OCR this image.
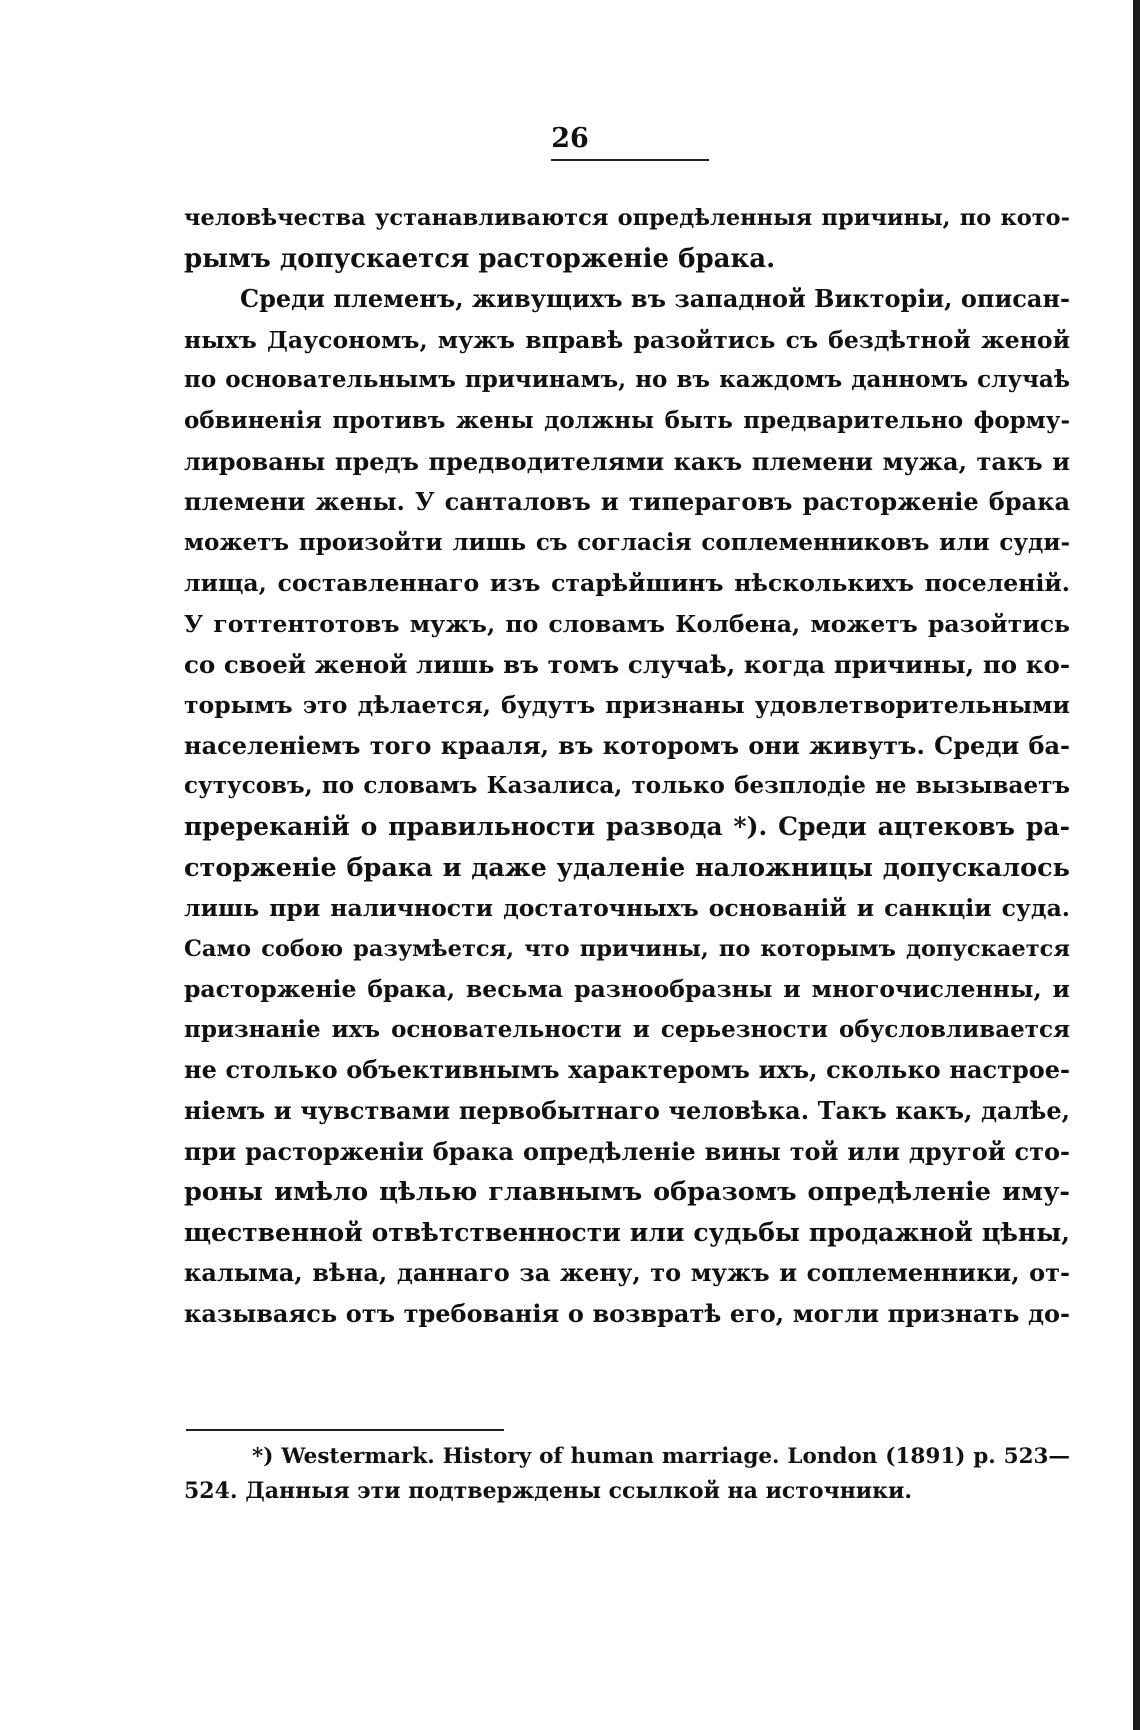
26
человѣчества устанавливаются опредѣленныя причины, по кото-
рымъ допускается расторженіе брака.
Среди племенъ, живущихъ въ западной Викторіи, описан-
ныхъ Даусономъ, мужъ вправѣ разойтись съ бездѣтной женой
по основательнымъ причинамъ, но въ каждомъ данномъ случаѣ
обвиненія противъ жены должны быть предварительно форму-
лированы предъ предводителями какъ племени мужа, такъ и
племени жены. У санталовъ и типераговъ расторженіе брака
можетъ произойти лишь съ согласія соплеменниковъ или суди-
лища, составленнаго изъ старѣйшинъ нѣсколькихъ поселеній.
У готтентотовъ мужъ, по словамъ Колбена, можетъ разойтись
со своей женой лишь въ томъ случаѣ, когда причины, по ко-
торымъ это дѣлается, будутъ признаны удовлетворительными
населеніемъ того крааля, въ которомъ они живутъ. Среди ба-
сутусовъ, по словамъ Казалиса, только безплодіе не вызываетъ
пререканій о правильности развода *). Среди ацтековъ ра-
сторженіе брака и даже удаленіе наложницы допускалось
лишь при наличности достаточныхъ основаній и санкціи суда.
Само собою разумѣется, что причины, по которымъ допускается
расторженіе брака, весьма разнообразны и многочисленны, и
признаніе ихъ основательности и серьезности обусловливается
не столько объективнымъ характеромъ ихъ, сколько настрое-
ніемъ и чувствами первобытнаго человѣка. Такъ какъ, далѣе,
при расторженіи брака опредѣленіе вины той или другой сто-
роны имѣло цѣлью главнымъ образомъ опредѣленіе иму-
щественной отвѣтственности или судьбы продажной цѣны,
калыма, вѣна, даннаго за жену, то мужъ и соплеменники, от-
казываясь отъ требованія о возвратѣ его, могли признать до-
*) Westermark. History of human marriage. London (1891) p. 523—
524. Данныя эти подтверждены ссылкой на источники.
